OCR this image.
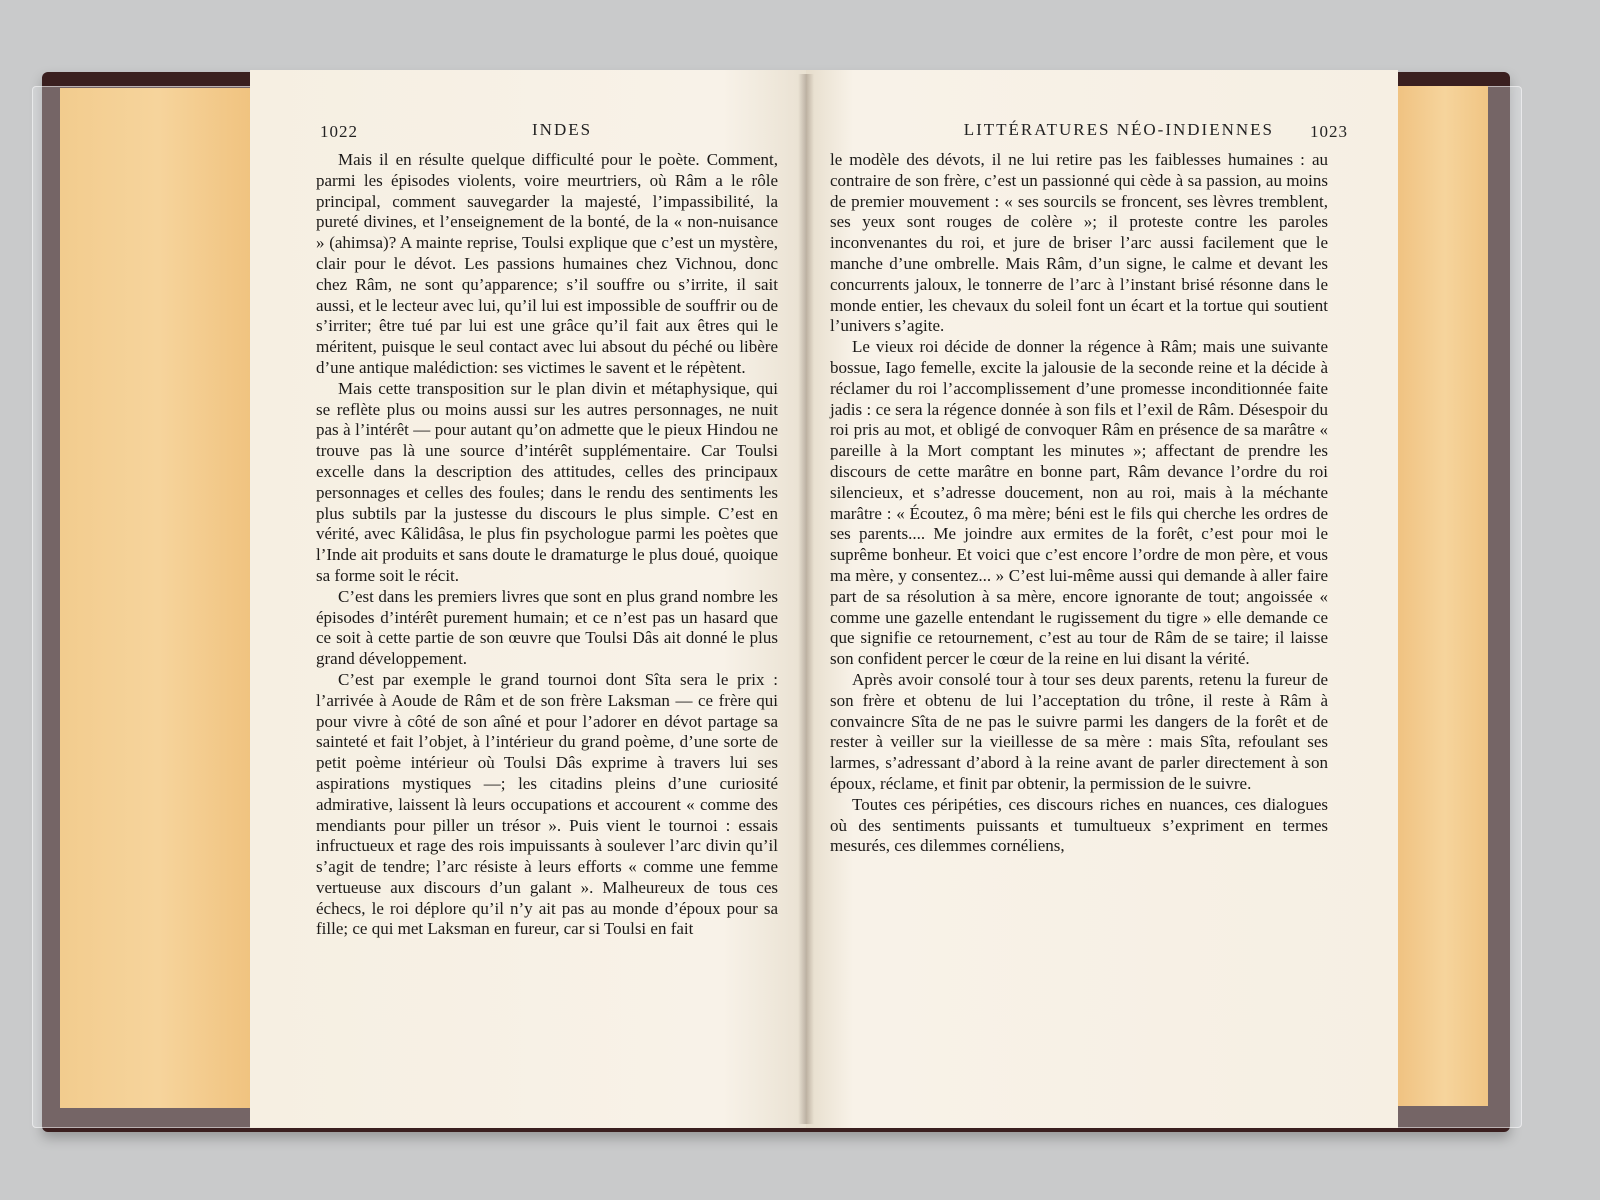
1022	INDES

Mais il en résulte quelque difficulté pour le poète. Comment, parmi les épisodes violents, voire meurtriers, où Râm a le rôle principal, comment sauvegarder la majesté, l’impassibilité, la pureté divines, et l’enseignement de la bonté, de la « non-nuisance » (ahimsa)? A mainte reprise, Toulsi explique que c’est un mystère, clair pour le dévot. Les passions humaines chez Vichnou, donc chez Râm, ne sont qu’apparence; s’il souffre ou s’irrite, il sait aussi, et le lecteur avec lui, qu’il lui est impossible de souffrir ou de s’irriter; être tué par lui est une grâce qu’il fait aux êtres qui le méritent, puisque le seul contact avec lui absout du péché ou libère d’une antique malédiction: ses victimes le savent et le répètent.

Mais cette transposition sur le plan divin et métaphysique, qui se reflète plus ou moins aussi sur les autres personnages, ne nuit pas à l’intérêt — pour autant qu’on admette que le pieux Hindou ne trouve pas là une source d’intérêt supplémentaire. Car Toulsi excelle dans la description des attitudes, celles des principaux personnages et celles des foules; dans le rendu des sentiments les plus subtils par la justesse du discours le plus simple. C’est en vérité, avec Kâlidâsa, le plus fin psychologue parmi les poètes que l’Inde ait produits et sans doute le dramaturge le plus doué, quoique sa forme soit le récit.

C’est dans les premiers livres que sont en plus grand nombre les épisodes d’intérêt purement humain; et ce n’est pas un hasard que ce soit à cette partie de son œuvre que Toulsi Dâs ait donné le plus grand développement.

C’est par exemple le grand tournoi dont Sîta sera le prix : l’arrivée à Aoude de Râm et de son frère Laksman — ce frère qui pour vivre à côté de son aîné et pour l’adorer en dévot partage sa sainteté et fait l’objet, à l’intérieur du grand poème, d’une sorte de petit poème intérieur où Toulsi Dâs exprime à travers lui ses aspirations mystiques —; les citadins pleins d’une curiosité admirative, laissent là leurs occupations et accourent « comme des mendiants pour piller un trésor ». Puis vient le tournoi : essais infructueux et rage des rois impuissants à soulever l’arc divin qu’il s’agit de tendre; l’arc résiste à leurs efforts « comme une femme vertueuse aux discours d’un galant ». Malheureux de tous ces échecs, le roi déplore qu’il n’y ait pas au monde d’époux pour sa fille; ce qui met Laksman en fureur, car si Toulsi en fait

LITTÉRATURES NÉO-INDIENNES 1023

le modèle des dévots, il ne lui retire pas les faiblesses humaines : au contraire de son frère, c’est un passionné qui cède à sa passion, au moins de premier mouvement : « ses sourcils se froncent, ses lèvres tremblent, ses yeux sont rouges de colère »; il proteste contre les paroles inconvenantes du roi, et jure de briser l’arc aussi facilement que le manche d’une ombrelle. Mais Râm, d’un signe, le calme et devant les concurrents jaloux, le tonnerre de l’arc à l’instant brisé résonne dans le monde entier, les chevaux du soleil font un écart et la tortue qui soutient l’univers s’agite.

Le vieux roi décide de donner la régence à Râm; mais une suivante bossue, Iago femelle, excite la jalousie de la seconde reine et la décide à réclamer du roi l’accomplissement d’une promesse inconditionnée faite jadis : ce sera la régence donnée à son fils et l’exil de Râm. Désespoir du roi pris au mot, et obligé de convoquer Râm en présence de sa marâtre « pareille à la Mort comptant les minutes »; affectant de prendre les discours de cette marâtre en bonne part, Râm devance l’ordre du roi silencieux, et s’adresse doucement, non au roi, mais à la méchante marâtre : « Écoutez, ô ma mère; béni est le fils qui cherche les ordres de ses parents.... Me joindre aux ermites de la forêt, c’est pour moi le suprême bonheur. Et voici que c’est encore l’ordre de mon père, et vous ma mère, y consentez... » C’est lui-même aussi qui demande à aller faire part de sa résolution à sa mère, encore ignorante de tout; angoissée « comme une gazelle entendant le rugissement du tigre » elle demande ce que signifie ce retournement, c’est au tour de Râm de se taire; il laisse son confident percer le cœur de la reine en lui disant la vérité.

Après avoir consolé tour à tour ses deux parents, retenu la fureur de son frère et obtenu de lui l’acceptation du trône, il reste à Râm à convaincre Sîta de ne pas le suivre parmi les dangers de la forêt et de rester à veiller sur la vieillesse de sa mère : mais Sîta, refoulant ses larmes, s’adressant d’abord à la reine avant de parler directement à son époux, réclame, et finit par obtenir, la permission de le suivre.

Toutes ces péripéties, ces discours riches en nuances, ces dialogues où des sentiments puissants et tumultueux s’expriment en termes mesurés, ces dilemmes cornéliens,
